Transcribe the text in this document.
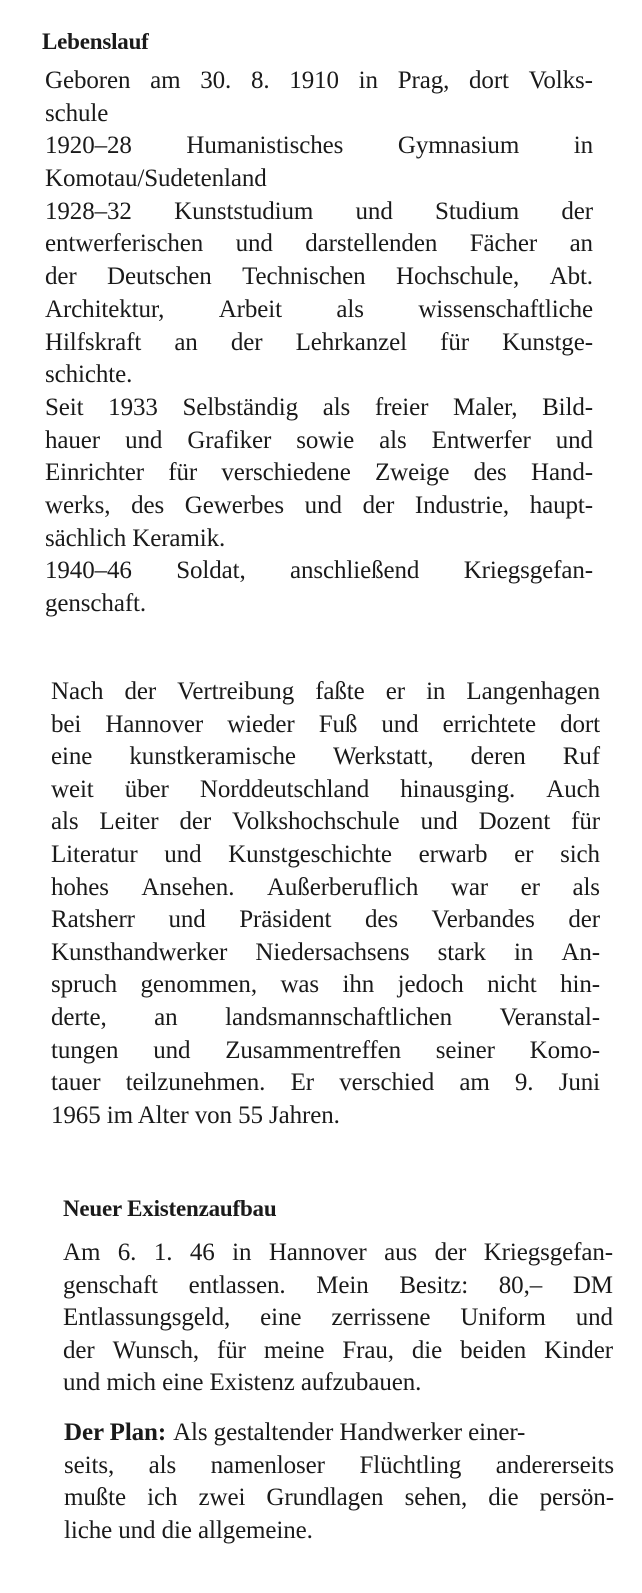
Lebenslauf
Geboren am 30. 8. 1910 in Prag, dort Volks-
schule
1920–28 Humanistisches Gymnasium in
Komotau/Sudetenland
1928–32 Kunststudium und Studium der
entwerferischen und darstellenden Fächer an
der Deutschen Technischen Hochschule, Abt.
Architektur, Arbeit als wissenschaftliche
Hilfskraft an der Lehrkanzel für Kunstge-
schichte.
Seit 1933 Selbständig als freier Maler, Bild-
hauer und Grafiker sowie als Entwerfer und
Einrichter für verschiedene Zweige des Hand-
werks, des Gewerbes und der Industrie, haupt-
sächlich Keramik.
1940–46 Soldat, anschließend Kriegsgefan-
genschaft.
Nach der Vertreibung faßte er in Langenhagen
bei Hannover wieder Fuß und errichtete dort
eine kunstkeramische Werkstatt, deren Ruf
weit über Norddeutschland hinausging. Auch
als Leiter der Volkshochschule und Dozent für
Literatur und Kunstgeschichte erwarb er sich
hohes Ansehen. Außerberuflich war er als
Ratsherr und Präsident des Verbandes der
Kunsthandwerker Niedersachsens stark in An-
spruch genommen, was ihn jedoch nicht hin-
derte, an landsmannschaftlichen Veranstal-
tungen und Zusammentreffen seiner Komo-
tauer teilzunehmen. Er verschied am 9. Juni
1965 im Alter von 55 Jahren.
Neuer Existenzaufbau
Am 6. 1. 46 in Hannover aus der Kriegsgefan-
genschaft entlassen. Mein Besitz: 80,– DM
Entlassungsgeld, eine zerrissene Uniform und
der Wunsch, für meine Frau, die beiden Kinder
und mich eine Existenz aufzubauen.
Der Plan: Als gestaltender Handwerker einer-
seits, als namenloser Flüchtling andererseits
mußte ich zwei Grundlagen sehen, die persön-
liche und die allgemeine.
